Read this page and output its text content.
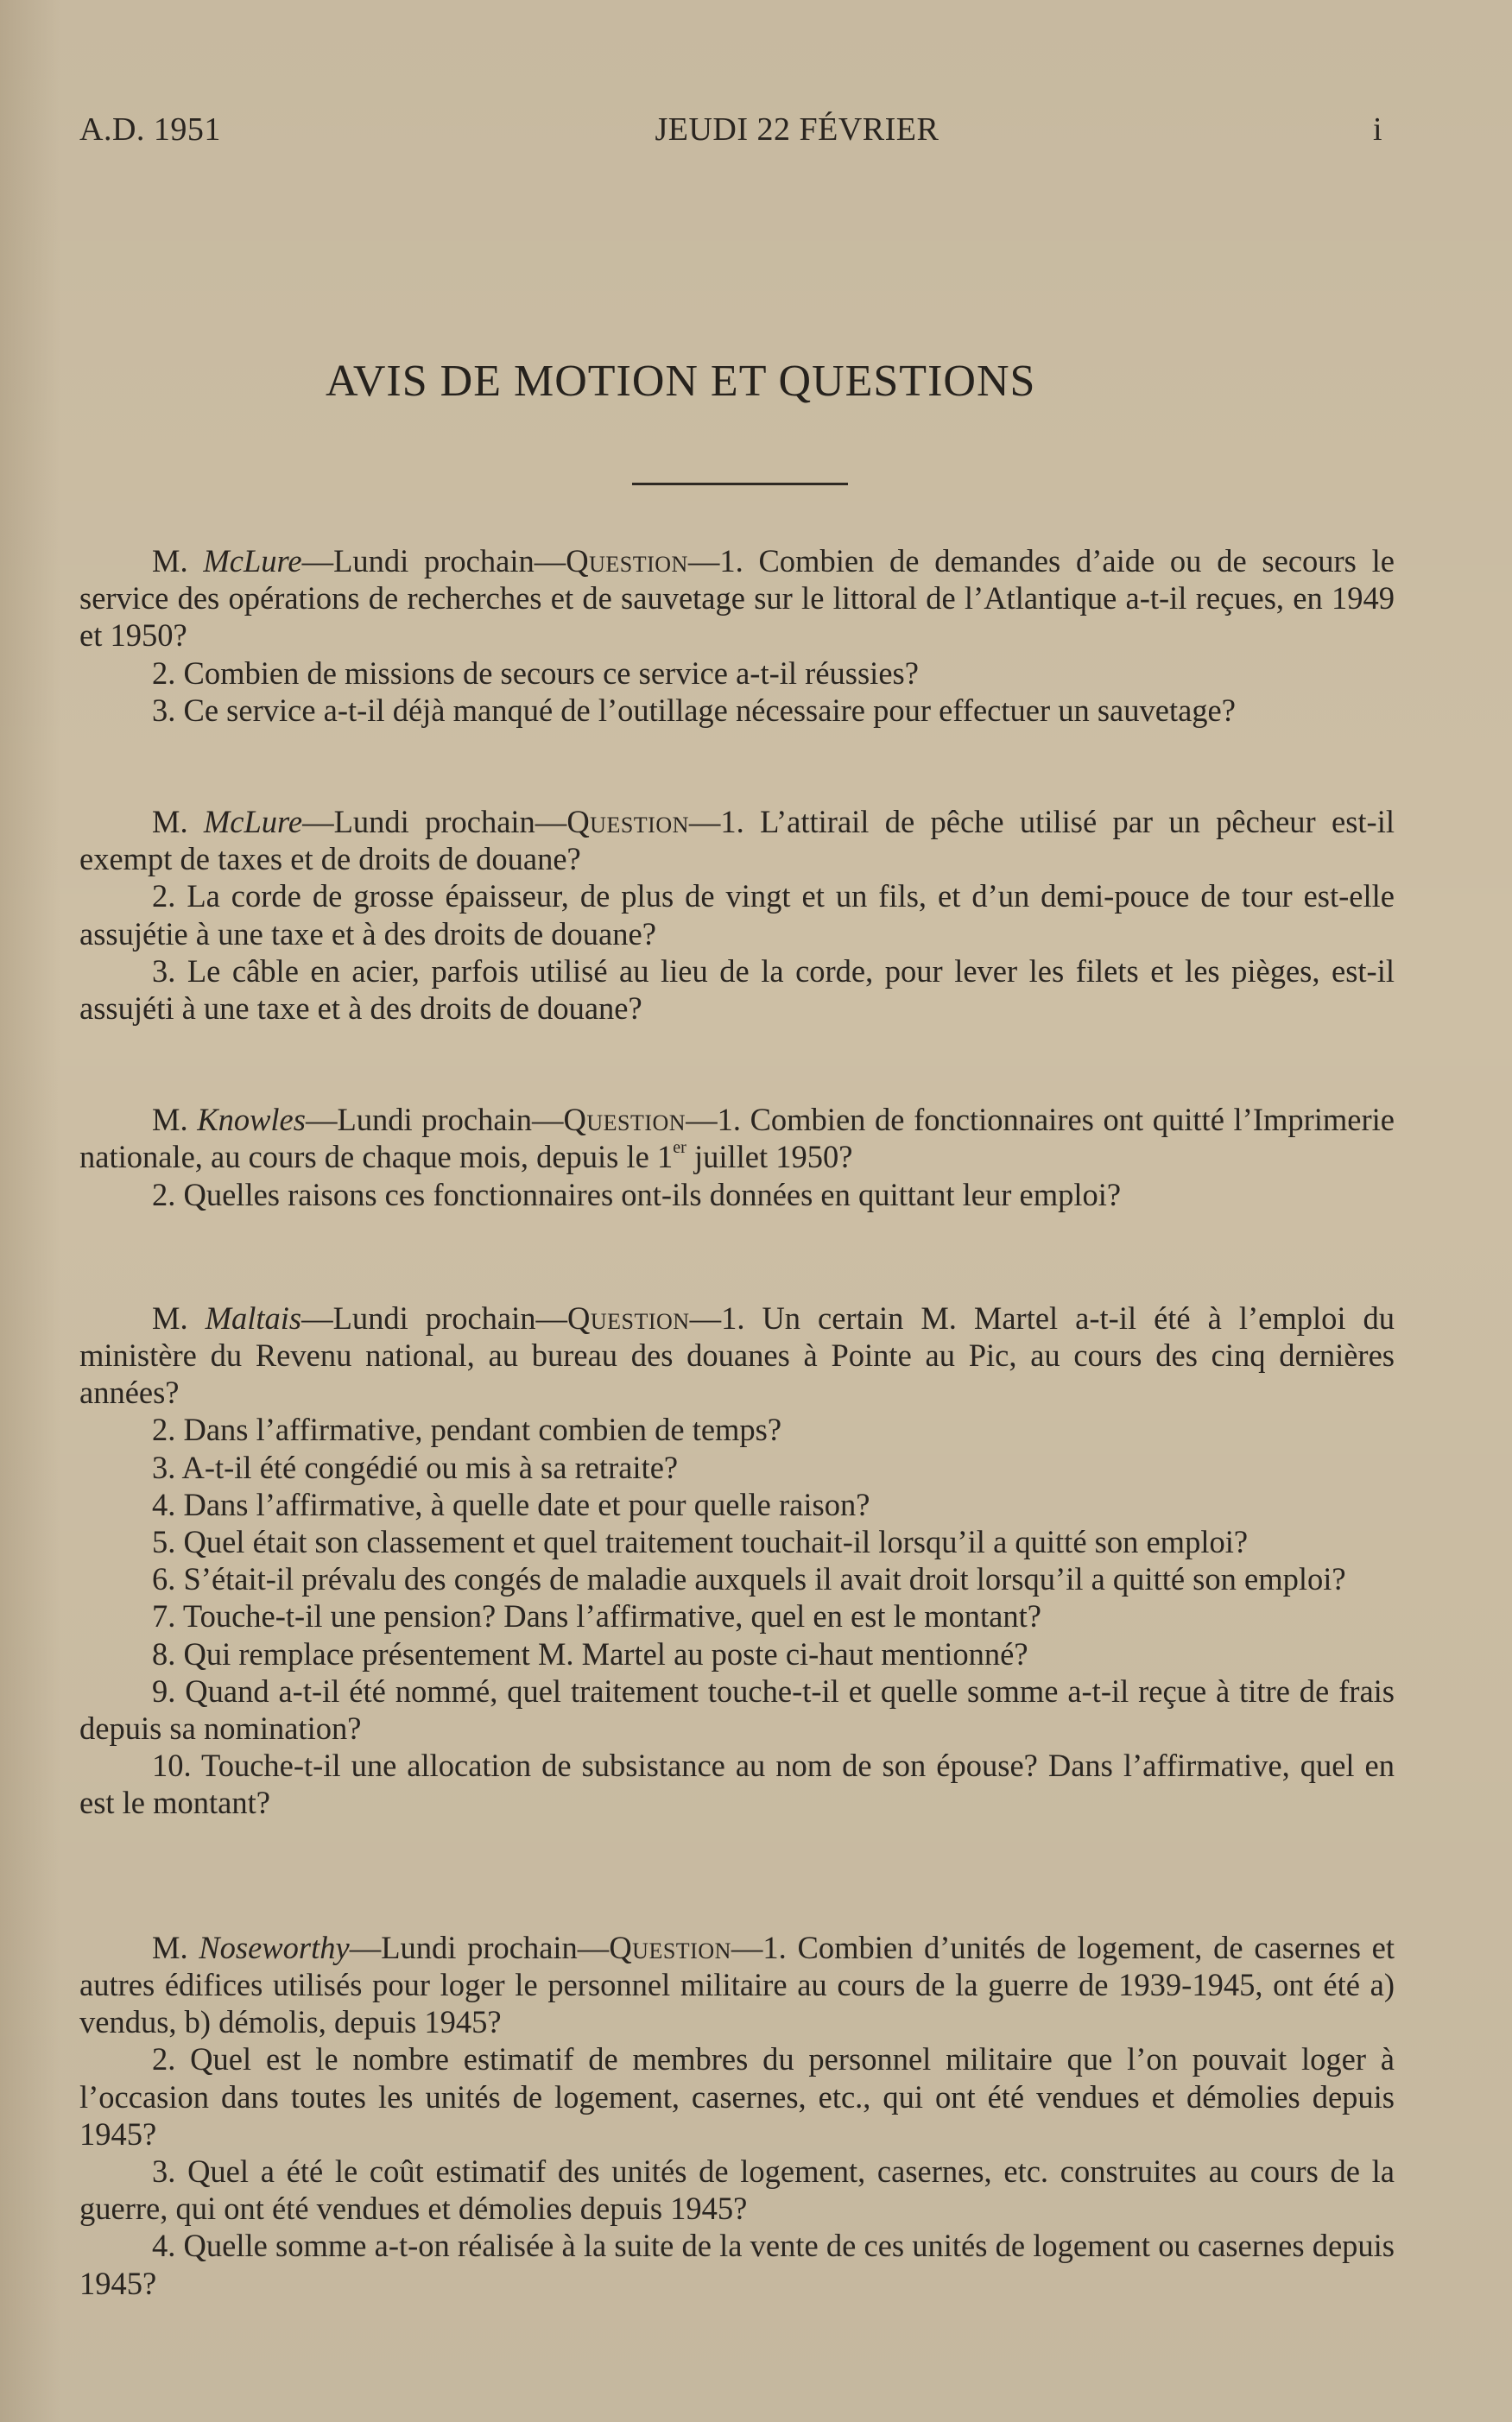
A.D. 1951	JEUDI 22 FÉVRIER	i
AVIS DE MOTION ET QUESTIONS

M. McLure—Lundi prochain—Question—1. Combien de demandes d’aide ou de secours le service des opérations de recherches et de sauvetage sur le littoral de l’Atlantique a-t-il reçues, en 1949 et 1950?

2. Combien de missions de secours ce service a-t-il réussies?

3. Ce service a-t-il déjà manqué de l’outillage nécessaire pour effectuer un sauvetage?

M. McLure—Lundi prochain—Question—1. L’attirail de pêche utilisé par un pêcheur est-il exempt de taxes et de droits de douane?

2. La corde de grosse épaisseur, de plus de vingt et un fils, et d’un demi-pouce de tour est-elle assujétie à une taxe et à des droits de douane?

3. Le câble en acier, parfois utilisé au lieu de la corde, pour lever les filets et les pièges, est-il assujéti à une taxe et à des droits de douane?

M. Knowles—Lundi prochain—Question—1. Combien de fonctionnaires ont quitté l’Imprimerie nationale, au cours de chaque mois, depuis le 1er juillet 1950?

2. Quelles raisons ces fonctionnaires ont-ils données en quittant leur emploi?

M. Maltais—Lundi prochain—Question—1. Un certain M. Martel a-t-il été à l’emploi du ministère du Revenu national, au bureau des douanes à Pointe au Pic, au cours des cinq dernières années?

2. Dans l’affirmative, pendant combien de temps?

3. A-t-il été congédié ou mis à sa retraite?

4. Dans l’affirmative, à quelle date et pour quelle raison?

5. Quel était son classement et quel traitement touchait-il lorsqu’il a quitté son emploi?

6. S’était-il prévalu des congés de maladie auxquels il avait droit lorsqu’il a quitté son emploi?

7. Touche-t-il une pension? Dans l’affirmative, quel en est le montant?

8. Qui remplace présentement M. Martel au poste ci-haut mentionné?

9. Quand a-t-il été nommé, quel traitement touche-t-il et quelle somme a-t-il reçue à titre de frais depuis sa nomination?

10. Touche-t-il une allocation de subsistance au nom de son épouse? Dans l’affirmative, quel en est le montant?

M. Noseworthy—Lundi prochain—Question—1. Combien d’unités de logement, de casernes et autres édifices utilisés pour loger le personnel militaire au cours de la guerre de 1939-1945, ont été a) vendus, b) démolis, depuis 1945?

2. Quel est le nombre estimatif de membres du personnel militaire que l’on pouvait loger à l’occasion dans toutes les unités de logement, casernes, etc., qui ont été vendues et démolies depuis 1945?

3. Quel a été le coût estimatif des unités de logement, casernes, etc. construites au cours de la guerre, qui ont été vendues et démolies depuis 1945?

4. Quelle somme a-t-on réalisée à la suite de la vente de ces unités de logement ou casernes depuis 1945?
